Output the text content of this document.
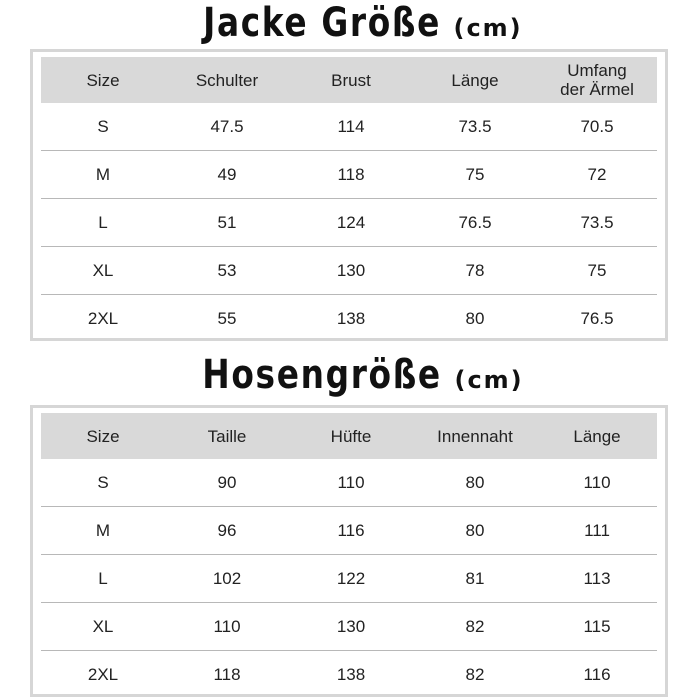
Jacke Größe (cm)
Size	Schulter	Brust	Länge	Umfang
der Ärmel
S	47.5	114	73.5	70.5
M	49	118	75	72
L	51	124	76.5	73.5
XL	53	130	78	75
2XL	55	138	80	76.5
Hosengröße (cm)
Size	Taille	Hüfte	Innennaht	Länge
S	90	110	80	110
M	96	116	80	111
L	102	122	81	113
XL	110	130	82	115
2XL	118	138	82	116
